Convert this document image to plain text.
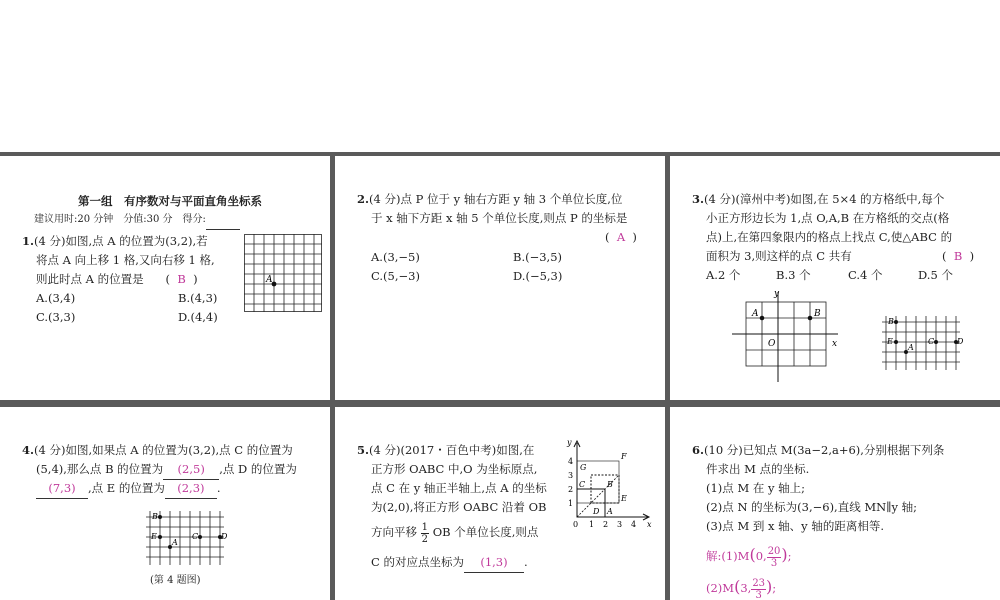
第一组　有序数对与平面直角坐标系
建议用时:20 分钟　分值:30 分　得分:
1.(4 分)如图,点 A 的位置为(3,2),若
将点 A 向上移 1 格,又向右移 1 格,
则此时点 A 的位置是      (  B  )
A.(3,4)	B.(4,3)
C.(3,3)	D.(4,4)
A
2.(4 分)点 P 位于 y 轴右方距 y 轴 3 个单位长度,位
于 x 轴下方距 x 轴 5 个单位长度,则点 P 的坐标是
(  A  )
A.(3,−5)	B.(−3,5)
C.(5,−3)	D.(−5,3)
3.(4 分)(漳州中考)如图,在 5×4 的方格纸中,每个
小正方形边长为 1,点 O,A,B 在方格纸的交点(格
点)上,在第四象限内的格点上找点 C,使△ABC 的
面积为 3,则这样的点 C 共有	(  B  )
A.2 个	B.3 个	C.4 个	D.5 个
y
x
A	B
O
B
E
A
C	D
4.(4 分)如图,如果点 A 的位置为(3,2),点 C 的位置为
(5,4),那么点 B 的位置为 (2,5) ,点 D 的位置为
(7,3) ,点 E 的位置为 (2,3) .
B
E
A
C	D
(第 4 题图)
5.(4 分)(2017・百色中考)如图,在
正方形 OABC 中,O 为坐标原点,
点 C 在 y 轴正半轴上,点 A 的坐标
为(2,0),将正方形 OABC 沿着 OB
方向平移 $\frac{1}{2}$ OB 个单位长度,则点
C 的对应点坐标为 (1,3) .
y
x
0 1 2 3 4
1
2
3
4
G
F
C	B
E
D A
6.(10 分)已知点 M(3a−2,a+6),分别根据下列条
件求出 M 点的坐标.
(1)点 M 在 y 轴上;
(2)点 N 的坐标为(3,−6),直线 MN∥y 轴;
(3)点 M 到 x 轴、y 轴的距离相等.
解:(1)M(0, $\frac{20}{3}$ );
(2)M(3, $\frac{23}{3}$ );
